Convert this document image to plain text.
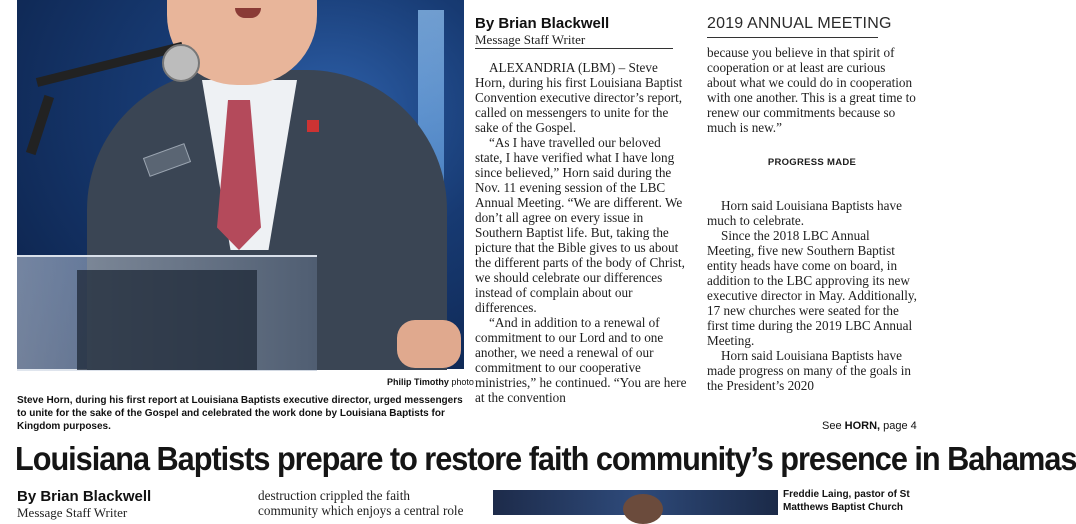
Philip Timothy photo
Steve Horn, during his first report at Louisiana Baptists executive director, urged messengers to unite for the sake of the Gospel and celebrated the work done by Louisiana Baptists for Kingdom purposes.
By Brian Blackwell
Message Staff Writer
2019 ANNUAL MEETING

ALEXANDRIA (LBM) – Steve Horn, during his first Louisiana Baptist Convention executive director’s report, called on messengers to unite for the sake of the Gospel.

“As I have travelled our beloved state, I have verified what I have long since believed,” Horn said during the Nov. 11 evening session of the LBC Annual Meeting. “We are different. We don’t all agree on every issue in Southern Baptist life. But, taking the picture that the Bible gives to us about the different parts of the body of Christ, we should celebrate our differences instead of complain about our differences.

“And in addition to a renewal of commitment to our Lord and to one another, we need a renewal of our commitment to our cooperative ministries,” he continued. “You are here at the convention

because you believe in that spirit of cooperation or at least are curious about what we could do in cooperation with one another. This is a great time to renew our commitments because so much is new.”

PROGRESS MADE

Horn said Louisiana Baptists have much to celebrate.

Since the 2018 LBC Annual Meeting, five new Southern Baptist entity heads have come on board, in addition to the LBC approving its new executive director in May. Additionally, 17 new churches were seated for the first time during the 2019 LBC Annual Meeting.

Horn said Louisiana Baptists have made progress on many of the goals in the President’s 2020

See HORN, page 4
Louisiana Baptists prepare to restore faith community’s presence in Bahamas
By Brian Blackwell
Message Staff Writer
destruction crippled the faith community which enjoys a central role
Freddie Laing, pastor of St Matthews Baptist Church
